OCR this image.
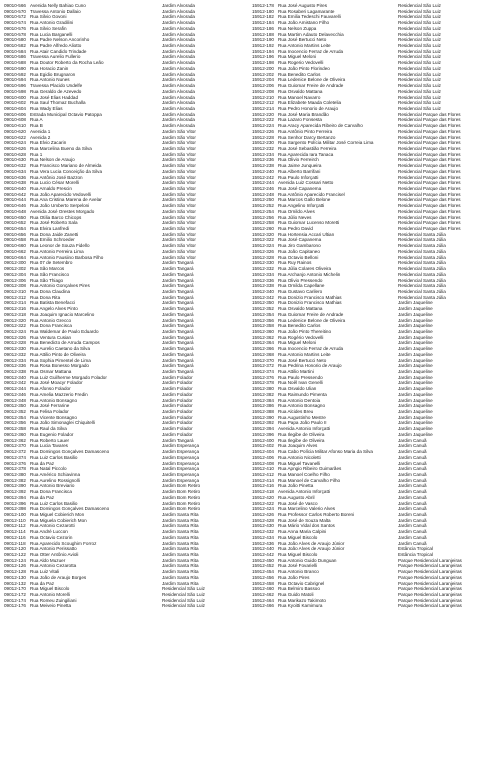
09010-566 Avenida Nelly Bahiao Cuno	Jardim Alvorada
09010-570 Travessa Antonio Dallaio	Jardim Alvorada
09010-572 Rua Silvio Govoni	Jardim Alvorada
09010-574 Rua Antonio Gradilini	Jardim Alvorada
09010-576 Rua Silvio Serafin	Jardim Alvorada
09010-578 Rua Lucia Barganelli	Jardim Alvorada
09010-580 Rua Padre Nelson Ancorinho	Jardim Alvorada
09010-582 Rua Padre Alfredo Aliotto	Jardim Alvorada
09010-584 Rua Atair Candido Trindade	Jardim Alvorada
09010-586 Travessa Aurelio Fullerio	Jardim Alvorada
09010-588 Rua Doutor Roberto da Rocha Leão	Jardim Alvorada
09010-590 Rua Horacio Zanin	Jardim Alvorada
09010-592 Rua Egidio Brugnaron	Jardim Alvorada
09010-594 Rua Antonio Nunes	Jardim Alvorada
09010-596 Travessa Placido Undelfe	Jardim Alvorada
09010-598 Rua Geraldo de Azevedo	Jardim Alvorada
09010-600 Rua José Elias Haddad	Jardim Alvorada
09010-602 Rua Saul Thomaz Buchalla	Jardim Alvorada
09010-604 Rua Wady Elias	Jardim Alvorada
09010-606 Estrada Municipal Octavio Patoppa	Jardim Alvorada
09010-608 Rua A	Jardim Alvorada
09010-610 Rua B	Jardim Alvorada
09010-620 Avenida 1	Jardim São Vitor
09010-622 Avenida 2	Jardim São Vitor
09010-624 Rua Elvio Zacarin	Jardim São Vitor
09010-626 Rua Marcelina Bueno da Silva	Jardim São Vitor
09010-628 Rua 1	Jardim São Vitor
09010-630 Rua Nelson de Araujo	Jardim São Vitor
09010-632 Rua Francisco Mariano de Almeida	Jardim São Vitor
09010-634 Rua Vera Lucia Conceição da Silva	Jardim São Vitor
09010-636 Rua Antônio José Bazzon	Jardim São Vitor
09010-638 Rua Lucio César Morelli	Jardim São Vitor
09010-640 Rua Arnaldo Prescin	Jardim São Vitor
09010-642 Rua João Aparecido Vedovelli	Jardim São Vitor
09010-644 Rua Ana Cristina Marena de Avelar	Jardim São Vitor
09010-646 Rua João Umberto Serpeloni	Jardim São Vitor
09010-648 Avenida José Orestes Morgado	Jardim São Vitor
09010-650 Rua Otilia Barco Chicops	Jardim São Vitor
09010-652 Rua José Roberto Sala	Jardim São Vitor
09010-654 Rua Elvira Lanfredi	Jardim São Vitor
09010-656 Rua Dona Jaide Zanetti	Jardim São Vitor
09010-658 Rua Emilio Schroeder	Jardim São Vitor
09010-660 Rua Leonor de Souza Fidello	Jardim São Vitor
09010-662 Rua Antonio Ferreira Lima	Jardim São Vitor
09010-664 Rua Antonio Fausiino Barbosa Filho	Jardim São Vitor
09012-300 Rua 07 de Setembro	Jardim Tangará
09012-302 Rua São Marcos	Jardim Tangará
09012-304 Rua São Francisco	Jardim Tangará
09012-306 Rua São Thiago	Jardim Tangará
09012-308 Rua Antonio Gonçalves Pires	Jardim Tangará
09012-310 Rua Dona Claudina	Jardim Tangará
09012-312 Rua Dona Rita	Jardim Tangará
09012-314 Rua Batista Benefacci	Jardim Tangará
09012-316 Rua Angelo Alves Pinto	Jardim Tangará
09012-318 Rua Joaquim Ignacio Marcelino	Jardim Tangará
09012-320 Rua Antonio Grecco	Jardim Tangará
09012-322 Rua Dona Francisca	Jardim Tangará
09012-324 Rua Waldemar de Paulo Eduardo	Jardim Tangará
09012-326 Rua Ventura Cusian	Jardim Tangará
09012-328 Rua Benedicto de Arruda Campos	Jardim Tangará
09012-330 Rua Aurelio Caetano da Silva	Jardim Tangará
09012-332 Rua Attilio Pinto de Oliveira	Jardim Tangará
09012-334 Rua Sophia Pimentel de Lima	Jardim Tangará
09012-336 Rua Rosa Bonesso Morgado	Jardim Tangará
09012-338 Rua Osmar Mattana	Jardim Tangará
09012-340 Rua Luiz Guilherme Morgado Folador	Jardim Folador
09012-342 Rua José Moacyr Folador	Jardim Folador
09012-344 Rua Afonso Folador	Jardim Folador
09012-346 Rua Amelia Mazzerio Fredin	Jardim Folador
09012-348 Rua Antonio Bonsagno	Jardim Folador
09012-350 Rua José Ferrarine	Jardim Folador
09012-352 Rua Felisa Folador	Jardim Folador
09012-354 Rua Vicente Bonsagno	Jardim Folador
09012-356 Rua João Simonaglei Chiquitelli	Jardim Folador
09012-358 Rua Raul da Silva	Jardim Folador
09012-360 Rua Eugenio Folador	Jardim Folador
09012-362 Rua Roberto Lauer	Jardim Tangará
09012-370 Rua Lucia Tavares	Jardim Esperança
09012-372 Rua Domingos Gonçalves Damasceno	Jardim Esperança
09012-374 Rua Luiz Carlos Basilio	Jardim Esperança
09012-376 Rua da Paz	Jardim Esperança
09012-378 Rua Natal Piccolo	Jardim Esperança
09012-380 Rua Américo Schiavinna	Jardim Esperança
09012-382 Rua Aurelino Rossignolli	Jardim Esperança
09012-390 Rua Antonio Breviario	Jardim Bom Retiro
09012-392 Rua Dona Francisca	Jardim Bom Retiro
09012-394 Rua da Paz	Jardim Bom Retiro
09012-396 Rua Luiz Carlos Basilio	Jardim Bom Retiro
09012-398 Rua Domingos Gonçalves Damasceno	Jardim Bom Retiro
09012-100 Rua Miguel Cobierich Mon	Jardim Santa Rita
09012-110 Rua Miguela Cobierich Mon	Jardim Santa Rita
09012-112 Rua Antonio Cezarotti	Jardim Santa Rita
09012-114 Rua André Luccon	Jardim Santa Rita
09012-116 Rua Octavio Cezorin	Jardim Santa Rita
09012-118 Rua Aparecido Scoughim Forroz	Jardim Santa Rita
09012-120 Rua Antonio Perissatto	Jardim Santa Rita
09012-122 Rua Otter Antônio Avioli	Jardim Santa Rita
09012-124 Rua Aldo Muzuer	Jardim Santa Rita
09012-126 Rua Antonio Cezarotta	Jardim Santa Rita
09012-128 Rua Luiz Vitali	Jardim Santa Rita
09012-130 Rua João de Araujo Borges	Jardim Santa Rita
09012-132 Rua da Paz	Jardim Santa Rita
09012-170 Rua Miguel Biscolo	Residencial São Luiz
09012-172 Rua Antonio Morelli	Residencial São Luiz
09012-174 Rua Romeu Zuingiliani	Residencial São Luiz
09012-176 Rua Meiveio Pinetta	Residencial São Luiz
15912-178 Rua José Augusto Pires	Residencial São Luiz
15912-180 Rua Rosaberi Lagamarante	Residencial São Luiz
15912-182 Rua Emilia Tedeschi Fauvarelli	Residencial São Luiz
15912-184 Rua João Amistano Filho	Residencial São Luiz
15912-186 Rua Nelson Zuppa	Residencial São Luiz
15912-188 Rua Martim Adauto Delavecchia	Residencial São Luiz
15912-190 Rua José Bertucci Neto	Residencial São Luiz
15912-192 Rua Antonio Martins Leite	Residencial São Luiz
15912-194 Rua Inocencio Ferraz de Arruda	Residencial São Luiz
15912-196 Rua Miguel Meloni	Residencial São Luiz
15912-198 Rua Rogerio Vedovelli	Residencial São Luiz
15912-200 Rua João Pinto Florindeo	Residencial São Luiz
15912-202 Rua Benedito Carlos	Residencial São Luiz
15912-204 Rua Ledenice Belone de Oliveira	Residencial São Luiz
15912-206 Rua Guiomar Freire de Andrade	Residencial São Luiz
15912-208 Rua Osvaldo Mattana	Residencial São Luiz
15912-210 Rua Manoel Navarro	Residencial São Luiz
15912-212 Rua Elizabete Maada Coletelia	Residencial São Luiz
15912-214 Rua Pedro Honorio de Araujo	Residencial São Luiz
15912-220 Rua José Maria Brandão	Residencial Parque das Flores
15912-222 Rua Lazaro Fonsesta	Residencial Parque das Flores
15912-224 Rua Aracy Aparecida Ribeiro de Carvalho	Residencial Parque das Flores
15912-226 Rua Antônio Pinto Ferreira	Residencial Parque das Flores
15912-228 Rua Senhor Darcy Bertanzo	Residencial Parque das Flores
15912-230 Rua Sargento Polícia Militar José Correia Lima	Residencial Parque das Flores
15912-232 Rua José Sebastião Ferreira	Residencial Parque das Flores
15912-234 Rua Aparecida Iara Tanaca	Residencial Parque das Flores
15912-236 Rua Olivio Ferreirch	Residencial Parque das Flores
15912-238 Rua Jaime Junqueira	Residencial Parque das Flores
15912-240 Rua Alberto Barrifani	Residencial Parque das Flores
15912-242 Rua Paulo Inforçatti	Residencial Parque das Flores
15912-244 Avenida Luiz Cossari Netto	Residencial Parque das Flores
15912-246 Rua José Capanema	Residencial Parque das Flores
15912-248 Rua Antônio Aparecido Francisel	Residencial Parque das Flores
15912-250 Rua Marcos Gallo Belone	Residencial Parque das Flores
15912-252 Rua Angelino Inforçatti	Residencial Parque das Flores
15912-254 Rua Ornildo Alves	Residencial Parque das Flores
15912-256 Rua Júlio Neves	Residencial Parque das Flores
15912-258 Rua Guiomar Lucenso Moretti	Residencial Parque das Flores
15912-260 Rua Pedro David	Residencial Parque das Flores
15912-320 Rua Hortensia Accari Ultian	Residencial Santa Júlia
15912-322 Rua José Capanema	Residencial Santa Júlia
15912-324 Rua Jiro Gambarono	Residencial Santa Júlia
15912-326 Rua João Capitaneo	Residencial Santa Júlia
15912-328 Rua Octavio Belloni	Residencial Santa Júlia
15912-330 Rua Ruy Rainos	Residencial Santa Júlia
15912-332 Rua Júlia Colares Oliveira	Residencial Santa Júlia
15912-334 Rua Archanjo Antonio Michelin	Residencial Santa Júlia
15912-336 Rua Olivio Pressendo	Residencial Santa Júlia
15912-338 Rua Ornilda Capellane	Residencial Santa Júlia
15912-340 Rua Gustavo Carilero	Residencial Santa Júlia
15912-342 Rua Donizio Francisco Mathias	Residencial Santa Júlia
15912-350 Rua Donizio Francisco Mathias	Jardim Jaqueline
15912-352 Rua Osvaldo Mattana	Jardim Jaqueline
15912-354 Rua Guiomar Freire de Andrade	Jardim Jaqueline
15912-356 Rua Ledenice Belone de Oliveira	Jardim Jaqueline
15912-358 Rua Benedito Carlos	Jardim Jaqueline
15912-360 Rua João Pinto Thereitino	Jardim Jaqueline
15912-362 Rua Rogério Vedovelli	Jardim Jaqueline
15912-364 Rua Miguel Meloni	Jardim Jaqueline
15912-366 Rua Inocencio Ferraz de Arruda	Jardim Jaqueline
15912-368 Rua Antonio Martins Leite	Jardim Jaqueline
15912-370 Rua José Bertucci Neto	Jardim Jaqueline
15912-372 Rua Pedrina Honorio de Araujo	Jardim Jaqueline
15912-374 Rua Attilio Martini	Jardim Jaqueline
15912-376 Rua Paulo Pressendo	Jardim Jaqueline
15912-378 Rua Noêl Ivan Genelli	Jardim Jaqueline
15912-380 Rua Osvaldo Ulian	Jardim Jaqueline
15912-382 Rua Raimundo Pimenta	Jardim Jaqueline
15912-384 Rua Antonio Dentoia	Jardim Jaqueline
15912-386 Rua Antonio Bonsagno	Jardim Jaqueline
15912-388 Rua Alcides Breu	Jardim Jaqueline
15912-390 Rua Augustinho Mestre	Jardim Jaqueline
15912-392 Rua Papa João Paulo II	Jardim Jaqueline
15912-394 Avenida Antonio Inforçatti	Jardim Jaqueline
15912-396 Rua Ilegibe de Oliveira	Jardim Jaqueline
15912-400 Rua Ilegibe de Oliveira	Jardim Canuã
15912-402 Rua Joaquim Alves	Jardim Canuã
15912-404 Rua Cabo Polícia Militar Afonso Maria da Silva	Jardim Canuã
15912-406 Rua Antonio Nicoletti	Jardim Canuã
15912-408 Rua Miguel Tavanelli	Jardim Canuã
15912-410 Rua Apngio Ribeiro Guimarães	Jardim Canuã
15912-412 Rua Manoel Coelho Filho	Jardim Canuã
15912-414 Rua Manoel de Carvalho Filho	Jardim Canuã
15912-416 Rua João Pinetta	Jardim Canuã
15912-418 Avenida Antonio Inforçatti	Jardim Canuã
15912-420 Rua Augusto Abril	Jardim Canuã
15912-422 Rua José de Vasco	Jardim Canuã
15912-424 Rua Marcelino Valerio Alves	Jardim Canuã
15912-426 Rua Professor Carlos Roberto Boreni	Jardim Canuã
15912-428 Rua José de Souza Malta	Jardim Canuã
15912-430 Rua Mário Vidal dos Santos	Jardim Canuã
15912-432 Rua Anna Maria Calpini	Jardim Canuã
15912-434 Rua Miguel Biscolo	Jardim Canuã
15912-436 Rua João Alves de Araujo Júnior	Jardim Canuã
15912-440 Rua João Alves de Araujo Júnior	Estância Tropical
15912-442 Rua Miguel Biscolo	Estância Tropical
15912-450 Rua Antonio Guido Dunguan	Parque Residencial Laranjeiras
15912-452 Rua José Fovarielli	Parque Residencial Laranjeiras
15912-454 Rua Antonio Branco	Parque Residencial Laranjeiras
15912-456 Rua João Pires	Parque Residencial Laranjeiras
15912-458 Rua Octavio Cabrignel	Parque Residencial Laranjeiras
15912-460 Rua Belmiro Bassoo	Parque Residencial Laranjeiras
15912-462 Rua Guido Matoli	Parque Residencial Laranjeiras
15912-464 Rua Marikazo Takimoto	Parque Residencial Laranjeiras
15912-466 Rua Kyoitti Kamimura	Parque Residencial Laranjeiras
